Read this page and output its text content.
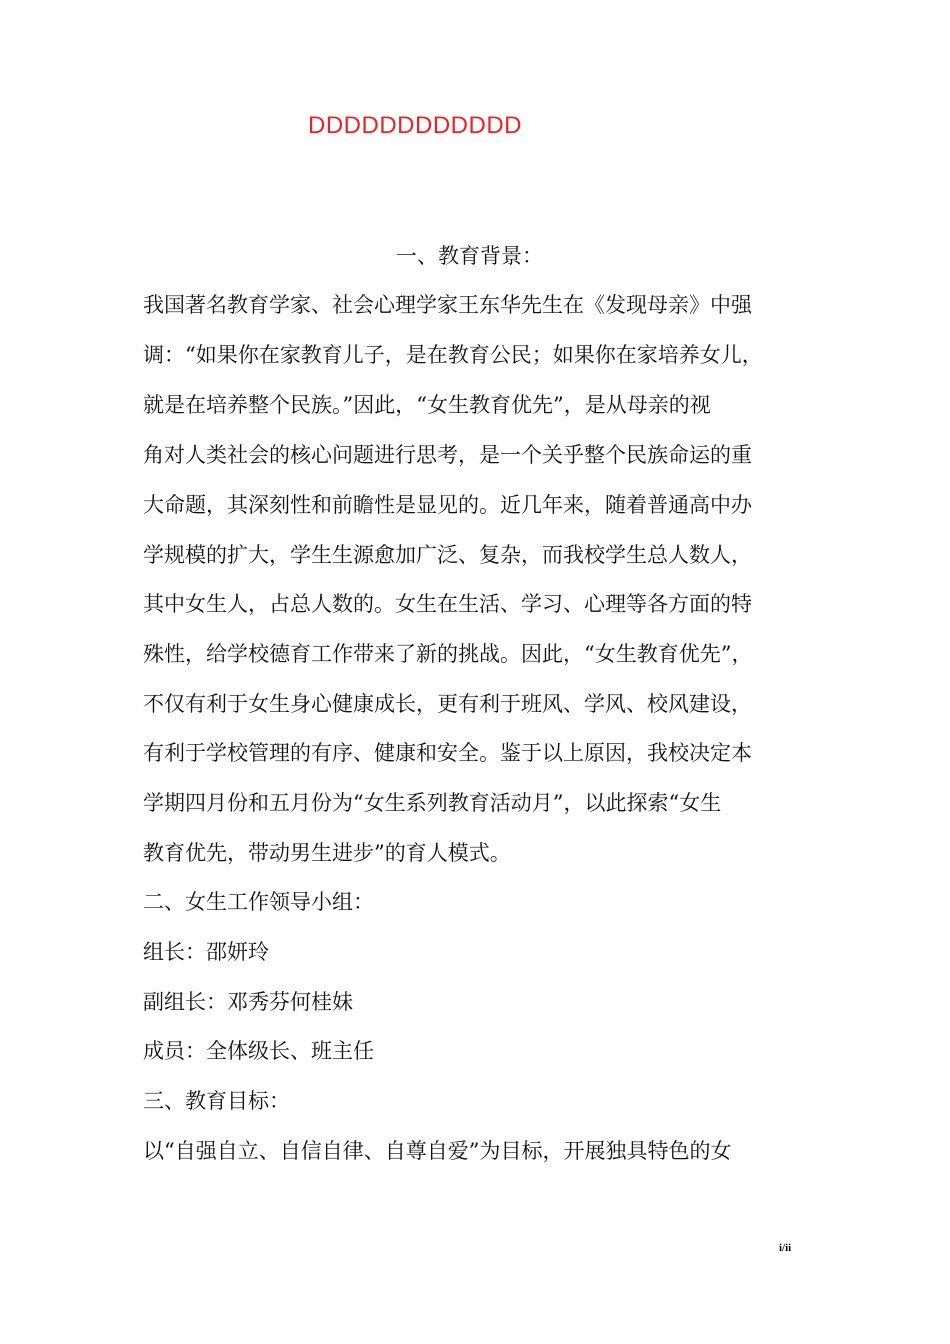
DDDDDDDDDDDD
一、教育背景：
我国著名教育学家、社会心理学家王东华先生在《发现母亲》中强
调：“如果你在家教育儿子，是在教育公民；如果你在家培养女儿，
就是在培养整个民族。”因此，“女生教育优先”，是从母亲的视
角对人类社会的核心问题进行思考，是一个关乎整个民族命运的重
大命题，其深刻性和前瞻性是显见的。近几年来，随着普通高中办
学规模的扩大，学生生源愈加广泛、复杂，而我校学生总人数人，
其中女生人，占总人数的。女生在生活、学习、心理等各方面的特
殊性，给学校德育工作带来了新的挑战。因此，“女生教育优先”，
不仅有利于女生身心健康成长，更有利于班风、学风、校风建设，
有利于学校管理的有序、健康和安全。鉴于以上原因，我校决定本
学期四月份和五月份为“女生系列教育活动月”，以此探索“女生
教育优先，带动男生进步”的育人模式。
二、女生工作领导小组：
组长：邵妍玲
副组长：邓秀芬何桂妹
成员：全体级长、班主任
三、教育目标：
以“自强自立、自信自律、自尊自爱”为目标，开展独具特色的女
i/ii
